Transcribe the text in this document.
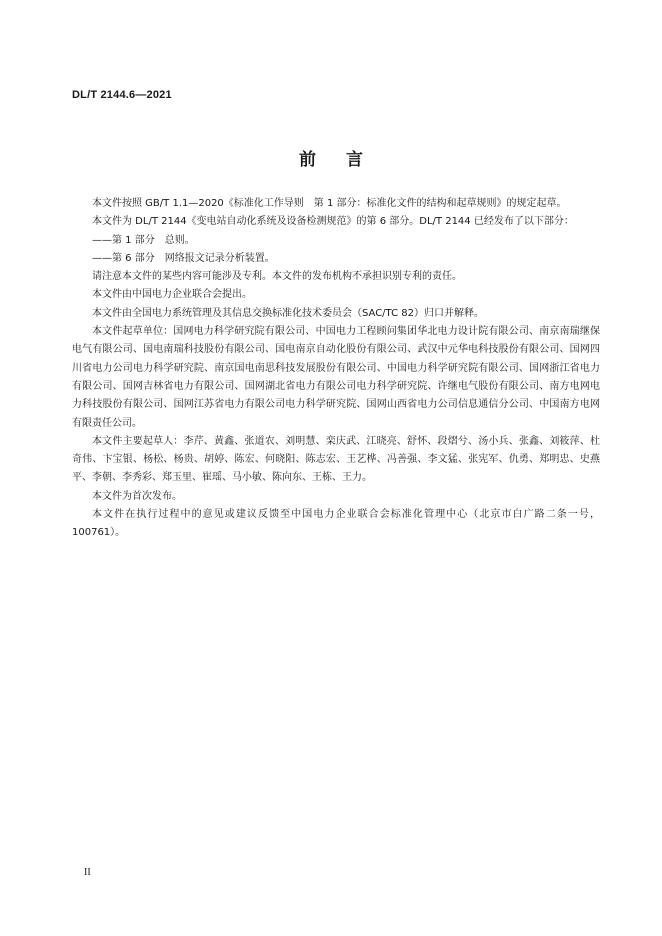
DL/T 2144.6—2021
前言

本文件按照 GB/T 1.1—2020《标准化工作导则　第 1 部分：标准化文件的结构和起草规则》的规定起草。

本文件为 DL/T 2144《变电站自动化系统及设备检测规范》的第 6 部分。DL/T 2144 已经发布了以下部分：

——第 1 部分　总则。

——第 6 部分　网络报文记录分析装置。

请注意本文件的某些内容可能涉及专利。本文件的发布机构不承担识别专利的责任。

本文件由中国电力企业联合会提出。

本文件由全国电力系统管理及其信息交换标准化技术委员会（SAC/TC 82）归口并解释。

本文件起草单位：国网电力科学研究院有限公司、中国电力工程顾问集团华北电力设计院有限公司、南京南瑞继保电气有限公司、国电南瑞科技股份有限公司、国电南京自动化股份有限公司、武汉中元华电科技股份有限公司、国网四川省电力公司电力科学研究院、南京国电南思科技发展股份有限公司、中国电力科学研究院有限公司、国网浙江省电力有限公司、国网吉林省电力有限公司、国网湖北省电力有限公司电力科学研究院、许继电气股份有限公司、南方电网电力科技股份有限公司、国网江苏省电力有限公司电力科学研究院、国网山西省电力公司信息通信分公司、中国南方电网有限责任公司。

本文件主要起草人：李芹、黄鑫、张道农、刘明慧、栾庆武、江晓亮、舒怀、段熠兮、汤小兵、张鑫、刘筱萍、杜奇伟、卞宝银、杨松、杨贵、胡婷、陈宏、何晓阳、陈志宏、王艺桦、冯善强、李文猛、张宪军、仇勇、郑明忠、史燕平、李朝、李秀彩、郑玉里、崔瑶、马小敏、陈向东、王栋、王力。

本文件为首次发布。

本文件在执行过程中的意见或建议反馈至中国电力企业联合会标准化管理中心（北京市白广路二条一号，100761）。

II
